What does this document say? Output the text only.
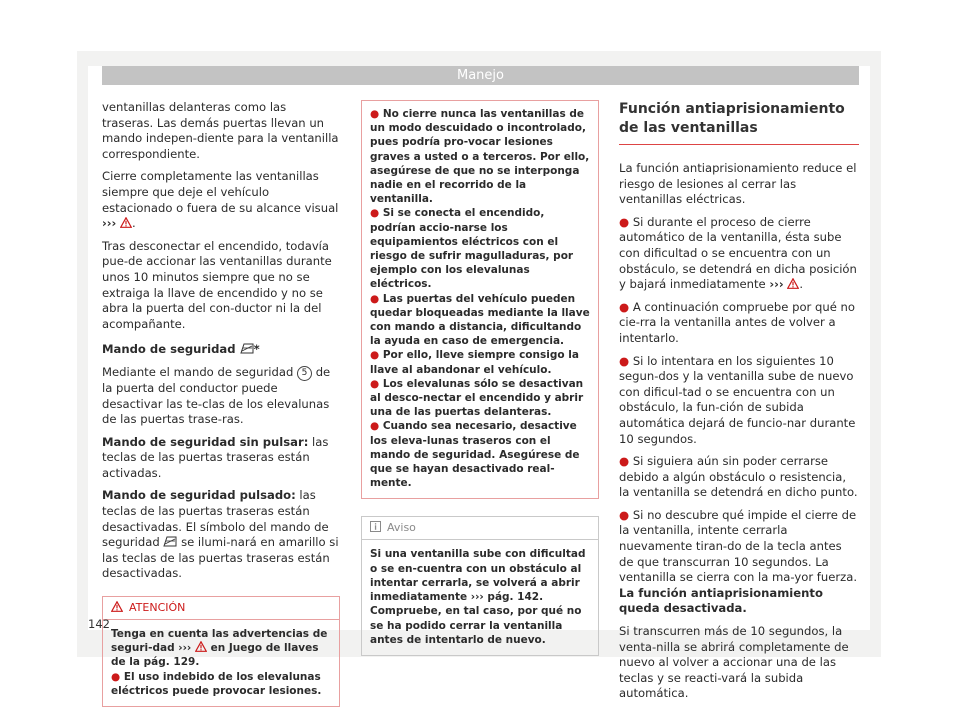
Manejo

ventanillas delanteras como las traseras. Las demás puertas llevan un mando indepen-diente para la ventanilla correspondiente.

Cierre completamente las ventanillas siempre que deje el vehículo estacionado o fuera de su alcance visual ››› .

Tras desconectar el encendido, todavía pue-de accionar las ventanillas durante unos 10 minutos siempre que no se extraiga la llave de encendido y no se abra la puerta del con-ductor ni la del acompañante.

Mando de seguridad *

Mediante el mando de seguridad 5 de la puerta del conductor puede desactivar las te-clas de los elevalunas de las puertas trase-ras.

Mando de seguridad sin pulsar: las teclas de las puertas traseras están activadas.

Mando de seguridad pulsado: las teclas de las puertas traseras están desactivadas. El símbolo del mando de seguridad se ilumi-nará en amarillo si las teclas de las puertas traseras están desactivadas.

ATENCIÓN

Tenga en cuenta las advertencias de seguri-dad ››› en Juego de llaves de la pág. 129.

● El uso indebido de los elevalunas eléctricos puede provocar lesiones.

● No cierre nunca las ventanillas de un modo descuidado o incontrolado, pues podría pro-vocar lesiones graves a usted o a terceros. Por ello, asegúrese de que no se interponga nadie en el recorrido de la ventanilla.

● Si se conecta el encendido, podrían accio-narse los equipamientos eléctricos con el riesgo de sufrir magulladuras, por ejemplo con los elevalunas eléctricos.

● Las puertas del vehículo pueden quedar bloqueadas mediante la llave con mando a distancia, dificultando la ayuda en caso de emergencia.

● Por ello, lleve siempre consigo la llave al abandonar el vehículo.

● Los elevalunas sólo se desactivan al desco-nectar el encendido y abrir una de las puertas delanteras.

● Cuando sea necesario, desactive los eleva-lunas traseros con el mando de seguridad. Asegúrese de que se hayan desactivado real-mente.

Aviso
Si una ventanilla sube con dificultad o se en-cuentra con un obstáculo al intentar cerrarla, se volverá a abrir inmediatamente ››› pág. 142. Compruebe, en tal caso, por qué no se ha podido cerrar la ventanilla antes de intentarlo de nuevo.
Función antiaprisionamiento de las ventanillas

La función antiaprisionamiento reduce el riesgo de lesiones al cerrar las ventanillas eléctricas.

● Si durante el proceso de cierre automático de la ventanilla, ésta sube con dificultad o se encuentra con un obstáculo, se detendrá en dicha posición y bajará inmediatamente ››› .

● A continuación compruebe por qué no cie-rra la ventanilla antes de volver a intentarlo.

● Si lo intentara en los siguientes 10 segun-dos y la ventanilla sube de nuevo con dificul-tad o se encuentra con un obstáculo, la fun-ción de subida automática dejará de funcio-nar durante 10 segundos.

● Si siguiera aún sin poder cerrarse debido a algún obstáculo o resistencia, la ventanilla se detendrá en dicho punto.

● Si no descubre qué impide el cierre de la ventanilla, intente cerrarla nuevamente tiran-do de la tecla antes de que transcurran 10 segundos. La ventanilla se cierra con la ma-yor fuerza. La función antiaprisionamiento queda desactivada.

Si transcurren más de 10 segundos, la venta-nilla se abrirá completamente de nuevo al volver a accionar una de las teclas y se reacti-vará la subida automática.

142
